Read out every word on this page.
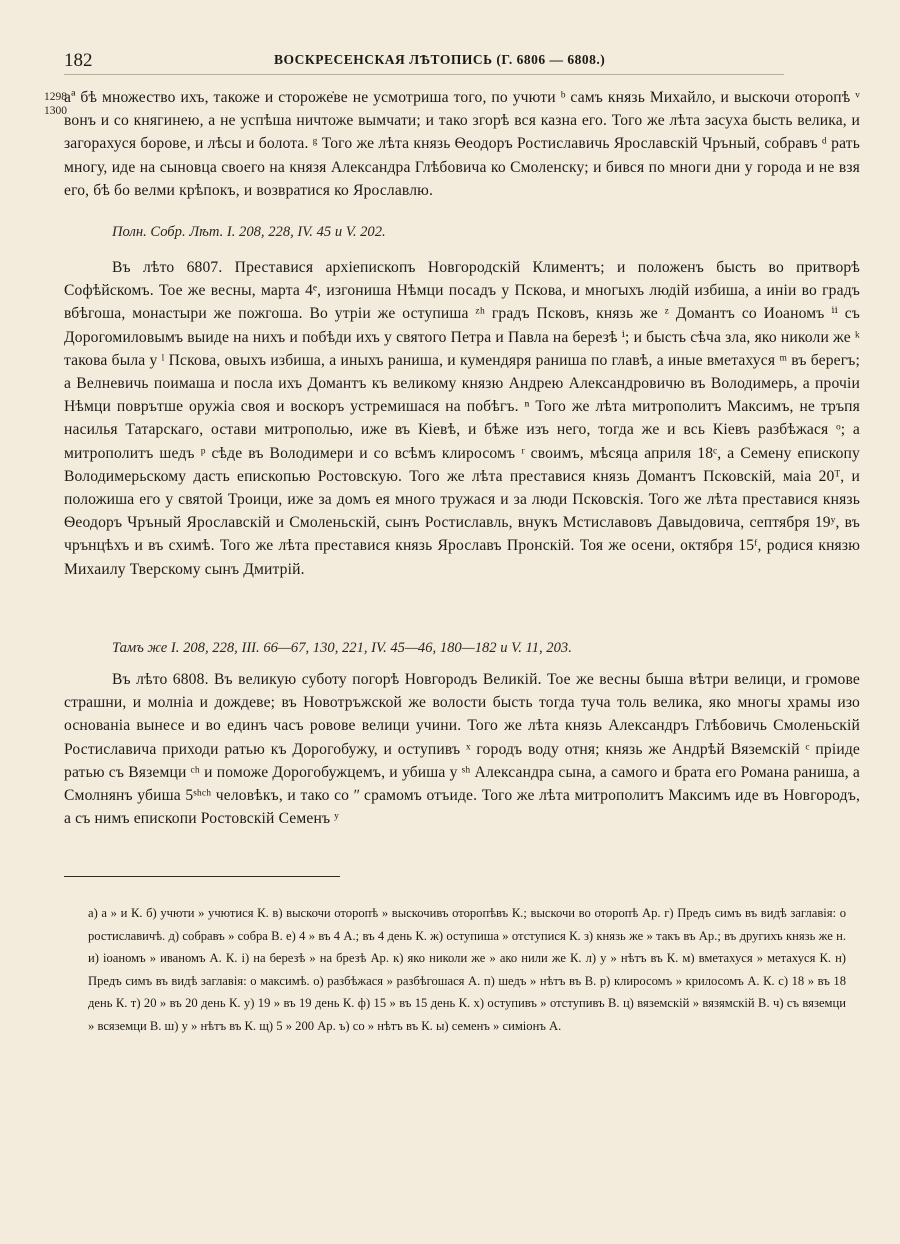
182	ВОСКРЕСЕНСКАЯ ЛѢТОПИСЬ (Г. 6806 — 6808.)
1298
1300

аª бѣ множество ихъ, такоже и стороже̇ве не усмотриша того, по учюти ᵇ самъ князь Михайло, и выскочи оторопѣ ᵛ вонъ и со княгинею, а не успѣша ничтоже вымчати; и тако згорѣ вся казна его. Того же лѣта засуха бысть велика, и загорахуся борове, и лѣсы и болота. ᵍ Того же лѣта князь Ѳеодоръ Ростиславичь Ярославскій Чръный, собравъ ᵈ рать многу, иде на сыновца своего на князя Александра Глѣбовича ко Смоленску; и бився по многи дни у города и не взя его, бѣ бо велми крѣпокъ, и возвратися ко Ярославлю.

Полн. Собр. Лѣт. I. 208, 228, IV. 45 и V. 202.

Въ лѣто 6807. Преставися архіепископъ Новгородскій Климентъ; и положенъ бысть во притворѣ Софѣйскомъ. Тое же весны, марта 4ᵉ, изгониша Нѣмци посадъ у Пскова, и многыхъ людій избиша, а инiи во градъ вбѣгоша, монастыри же пожгоша. Во утріи же оступиша ᶻʰ градъ Псковъ, князь же ᶻ Домантъ со Иоаномъ ⁱⁱ съ Дорогомиловымъ выиде на нихъ и побѣди ихъ у святого Петра и Павла на березѣ ⁱ; и бысть сѣча зла, яко николи же ᵏ такова была у ˡ Пскова, овыхъ избиша, а иныхъ раниша, и кумендяря раниша по главѣ, а иные вметахуся ᵐ въ берегъ; а Велневичь поимаша и посла ихъ Домантъ къ великому князю Андрею Александровичю въ Володимерь, а прочiи Нѣмци поврътше оружіа своя и воскоръ устремишася на побѣгъ. ⁿ Того же лѣта митрополитъ Максимъ, не тръпя насилья Татарскаго, остави митрополью, иже въ Кіевѣ, и бѣже изъ него, тогда же и всь Кіевъ разбѣжася ᵒ; а митрополитъ шедъ ᵖ сѣде въ Володимери и со всѣмъ клиросомъ ʳ своимъ, мѣсяца априля 18ᶜ, а Семену епископу Володимерьскому дасть епископью Ростовскую. Того же лѣта преставися князь Домантъ Псковскій, маіа 20ᵀ, и положиша его у святой Троици, иже за домъ ея много тружася и за люди Псковскія. Того же лѣта преставися князь Ѳеодоръ Чръный Ярославскій и Смоленьскій, сынъ Ростиславль, внукъ Мстиславовъ Давыдовича, септября 19ʸ, въ чрънцѣхъ и въ схимѣ. Того же лѣта преставися князь Ярославъ Пронскій. Тоя же осени, октября 15ᶠ, родися князю Михаилу Тверскому сынъ Дмитрій.

Тамъ же I. 208, 228, III. 66—67, 130, 221, IV. 45—46, 180—182 и V. 11, 203.

Въ лѣто 6808. Въ великую суботу погорѣ Новгородъ Великій. Тое же весны быша вѣтри велици, и громове страшни, и молніа и дождеве; въ Новотръжской же волости бысть тогда туча толь велика, яко многы храмы изо основаніа вынесе и во единъ часъ ровове велици учини. Того же лѣта князь Александръ Глѣбовичь Смоленьскій Ростиславича приходи ратью къ Дорогобужу, и оступивъ ˣ городъ воду отня; князь же Андрѣй Вяземскій ᶜ пріиде ратью съ Вяземци ᶜʰ и поможе Дорогобужцемъ, и убиша у ˢʰ Александра сына, а самого и брата его Романа раниша, а Смолнянъ убиша 5ˢʰᶜʰ человѣкъ, и тако со ʺ срамомъ отъиде. Того же лѣта митрополитъ Максимъ иде въ Новгородъ, а съ нимъ епископи Ростовскій Семенъ ʸ

а) а » и К. б) учюти » учютися К. в) выскочи оторопѣ » выскочивъ оторопѣвъ К.; выскочи во оторопѣ Ар. г) Предъ симъ въ видѣ заглавія: о ростиславичѣ. д) собравъ » собра В. е) 4 » въ 4 А.; въ 4 день К. ж) оступиша » отступися К. з) князь же » такъ въ Ар.; въ другихъ князь же н. и) іоаномъ » иваномъ А. К. і) на березѣ » на брезѣ Ар. к) яко николи же » ако нили же К. л) у » нѣтъ въ К. м) вметахуся » метахуся К. н) Предъ симъ въ видѣ заглавія: о максимѣ. о) разбѣжася » разбѣгошася А. п) шедъ » нѣтъ въ В. р) клиросомъ » крилосомъ А. К. с) 18 » въ 18 день К. т) 20 » въ 20 день К. у) 19 » въ 19 день К. ф) 15 » въ 15 день К. х) оступивъ » отступивъ В. ц) вяземскій » вязямскій В. ч) съ вяземци » всяземци В. ш) у » нѣтъ въ К. щ) 5 » 200 Ар. ъ) со » нѣтъ въ К. ы) семенъ » симіонъ А.
